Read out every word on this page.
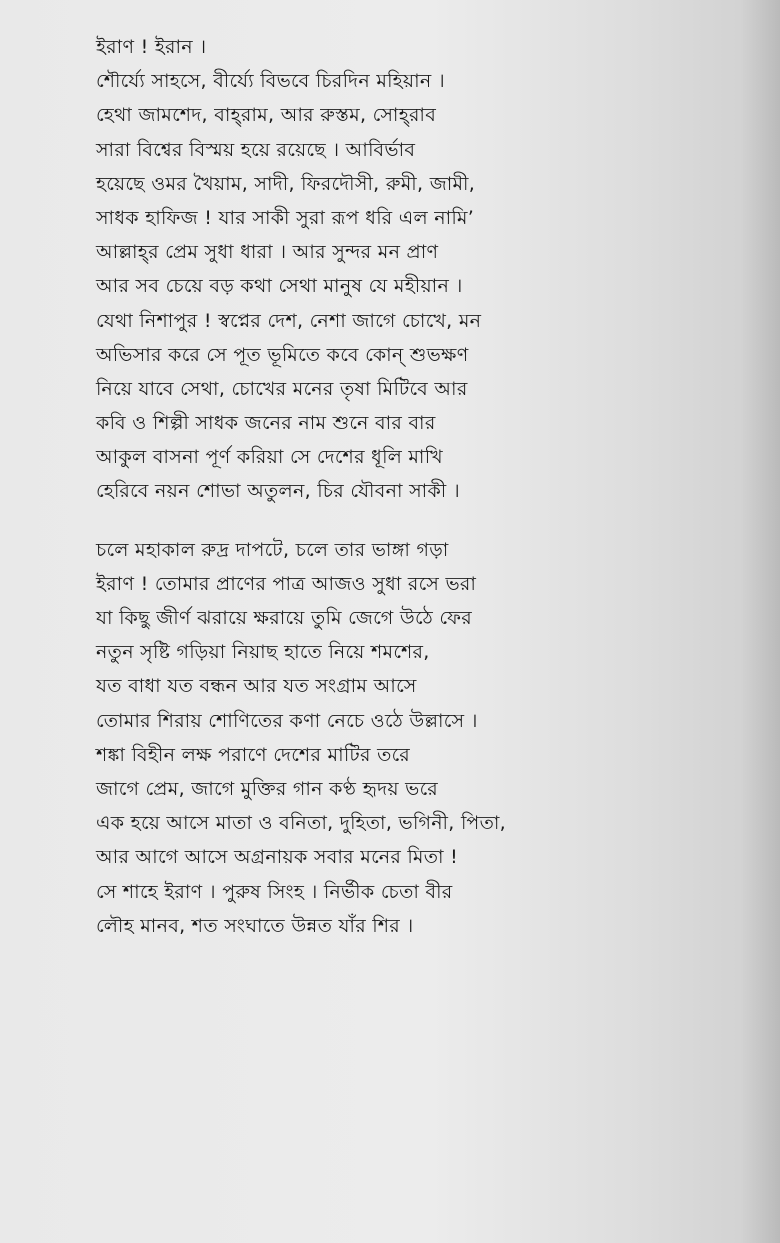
ইরাণ ! ইরান ।
শৌর্য্যে সাহসে, বীর্য্যে বিভবে চিরদিন মহিয়ান ।
হেথা জামশেদ, বাহ্‌রাম, আর রুস্তম, সোহ্‌রাব
সারা বিশ্বের বিস্ময় হয়ে রয়েছে । আবির্ভাব
হয়েছে ওমর খৈয়াম, সাদী, ফিরদৌসী, রুমী, জামী,
সাধক হাফিজ ! যার সাকী সুরা রূপ ধরি এল নামি’
আল্লাহ্‌র প্রেম সুধা ধারা । আর সুন্দর মন প্রাণ
আর সব চেয়ে বড় কথা সেথা মানুষ যে মহীয়ান ।
যেথা নিশাপুর ! স্বপ্নের দেশ, নেশা জাগে চোখে, মন
অভিসার করে সে পূত ভূমিতে কবে কোন্‌ শুভক্ষণ
নিয়ে যাবে সেথা, চোখের মনের তৃষা মিটিবে আর
কবি ও শিল্পী সাধক জনের নাম শুনে বার বার
আকুল বাসনা পূর্ণ করিয়া সে দেশের ধূলি মাখি
হেরিবে নয়ন শোভা অতুলন, চির যৌবনা সাকী ।
চলে মহাকাল রুদ্র দাপটে, চলে তার ভাঙ্গা গড়া
ইরাণ ! তোমার প্রাণের পাত্র আজও সুধা রসে ভরা
যা কিছু জীর্ণ ঝরায়ে ক্ষরায়ে তুমি জেগে উঠে ফের
নতুন সৃষ্টি গড়িয়া নিয়াছ হাতে নিয়ে শমশের,
যত বাধা যত বন্ধন আর যত সংগ্রাম আসে
তোমার শিরায় শোণিতের কণা নেচে ওঠে উল্লাসে ।
শঙ্কা বিহীন লক্ষ পরাণে দেশের মাটির তরে
জাগে প্রেম, জাগে মুক্তির গান কণ্ঠ হৃদয় ভরে
এক হয়ে আসে মাতা ও বনিতা, দুহিতা, ভগিনী, পিতা,
আর আগে আসে অগ্রনায়ক সবার মনের মিতা !
সে শাহে ইরাণ । পুরুষ সিংহ । নির্ভীক চেতা বীর
লৌহ মানব, শত সংঘাতে উন্নত যাঁর শির ।
